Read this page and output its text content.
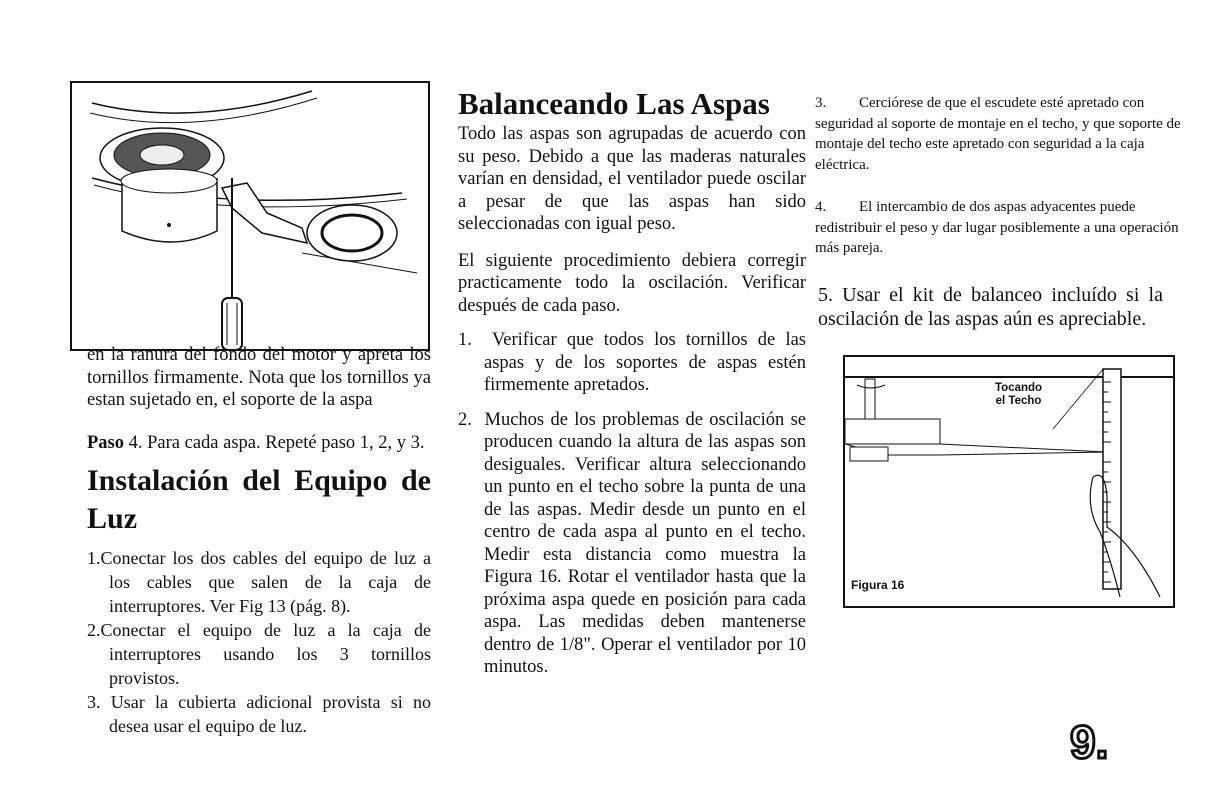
en la ranura del fondo del motor y apreta los tornillos firmamente. Nota que los tornillos ya estan sujetado en, el soporte de la aspa

Paso 4. Para cada aspa. Repeté paso 1, 2, y 3.

Instalación del Equipo de Luz
1.Conectar los dos cables del equipo de luz a los cables que salen de la caja de interruptores. Ver Fig 13 (pág. 8).
2.Conectar el equipo de luz a la caja de interruptores usando los 3 tornillos provistos.
3. Usar la cubierta adicional provista si no desea usar el equipo de luz.
Balanceando Las Aspas

Todo las aspas son agrupadas de acuerdo con su peso. Debido a que las maderas naturales varían en densidad, el ventilador puede oscilar a pesar de que las aspas han sido seleccionadas con igual peso.

El siguiente procedimiento debiera corregir practicamente todo la oscilación. Verificar después de cada paso.

1. Verificar que todos los tornillos de las aspas y de los soportes de aspas estén firmemente apretados.

2. Muchos de los problemas de oscilación se producen cuando la altura de las aspas son desiguales. Verificar altura seleccionando un punto en el techo sobre la punta de una de las aspas. Medir desde un punto en el centro de cada aspa al punto en el techo. Medir esta distancia como muestra la Figura 16. Rotar el ventilador hasta que la próxima aspa quede en posición para cada aspa. Las medidas deben mantenerse dentro de 1/8". Operar el ventilador por 10 minutos.

3. Cerciórese de que el escudete esté apretado con seguridad al soporte de montaje en el techo, y que soporte de montaje del techo este apretado con seguridad a la caja eléctrica.

4. El intercambio de dos aspas adyacentes puede redistribuir el peso y dar lugar posiblemente a una operación más pareja.

5. Usar el kit de balanceo incluído si la oscilación de las aspas aún es apreciable.
Tocando
el Techo
Figura 16
9.
